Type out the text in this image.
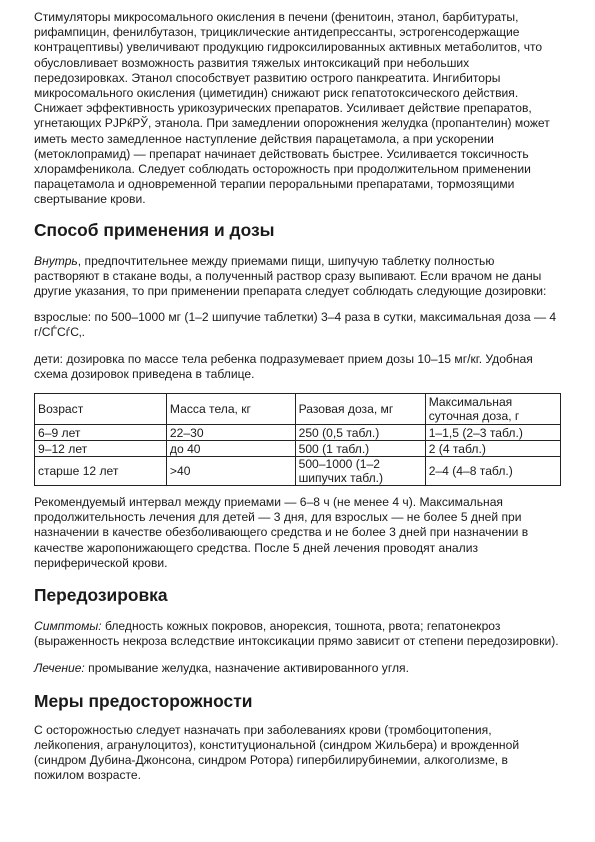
Стимуляторы микросомального окисления в печени (фенитоин, этанол, барбитураты, рифампицин, фенилбутазон, трициклические антидепрессанты, эстрогенсодержащие контрацептивы) увеличивают продукцию гидроксилированных активных метаболитов, что обусловливает возможность развития тяжелых интоксикаций при небольших передозировках. Этанол способствует развитию острого панкреатита. Ингибиторы микросомального окисления (циметидин) снижают риск гепатотоксического действия. Снижает эффективность урикозурических препаратов. Усиливает действие препаратов, угнетающих РЈРќРЎ, этанола. При замедлении опорожнения желудка (пропантелин) может иметь место замедленное наступление действия парацетамола, а при ускорении (метоклопрамид) — препарат начинает действовать быстрее. Усиливается токсичность хлорамфеникола. Следует соблюдать осторожность при продолжительном применении парацетамола и одновременной терапии пероральными препаратами, тормозящими свертывание крови.

Способ применения и дозы

Внутрь, предпочтительнее между приемами пищи, шипучую таблетку полностью растворяют в стакане воды, а полученный раствор сразу выпивают. Если врачом не даны другие указания, то при применении препарата следует соблюдать следующие дозировки:

взрослые: по 500–1000 мг (1–2 шипучие таблетки) 3–4 раза в сутки, максимальная доза — 4 г/СЃСѓС‚.

дети: дозировка по массе тела ребенка подразумевает прием дозы 10–15 мг/кг. Удобная схема дозировок приведена в таблице.

Возраст	Масса тела, кг	Разовая доза, мг	Максимальная суточная доза, г
6–9 лет	22–30	250 (0,5 табл.)	1–1,5 (2–3 табл.)
9–12 лет	до 40	500 (1 табл.)	2 (4 табл.)
старше 12 лет	>40	500–1000 (1–2 шипучих табл.)	2–4 (4–8 табл.)

Рекомендуемый интервал между приемами — 6–8 ч (не менее 4 ч). Максимальная продолжительность лечения для детей — 3 дня, для взрослых — не более 5 дней при назначении в качестве обезболивающего средства и не более 3 дней при назначении в качестве жаропонижающего средства. После 5 дней лечения проводят анализ периферической крови.

Передозировка

Симптомы: бледность кожных покровов, анорексия, тошнота, рвота; гепатонекроз (выраженность некроза вследствие интоксикации прямо зависит от степени передозировки).

Лечение: промывание желудка, назначение активированного угля.

Меры предосторожности

С осторожностью следует назначать при заболеваниях крови (тромбоцитопения, лейкопения, агранулоцитоз), конституциональной (синдром Жильбера) и врожденной (синдром Дубина-Джонсона, синдром Ротора) гипербилирубинемии, алкоголизме, в пожилом возрасте.
